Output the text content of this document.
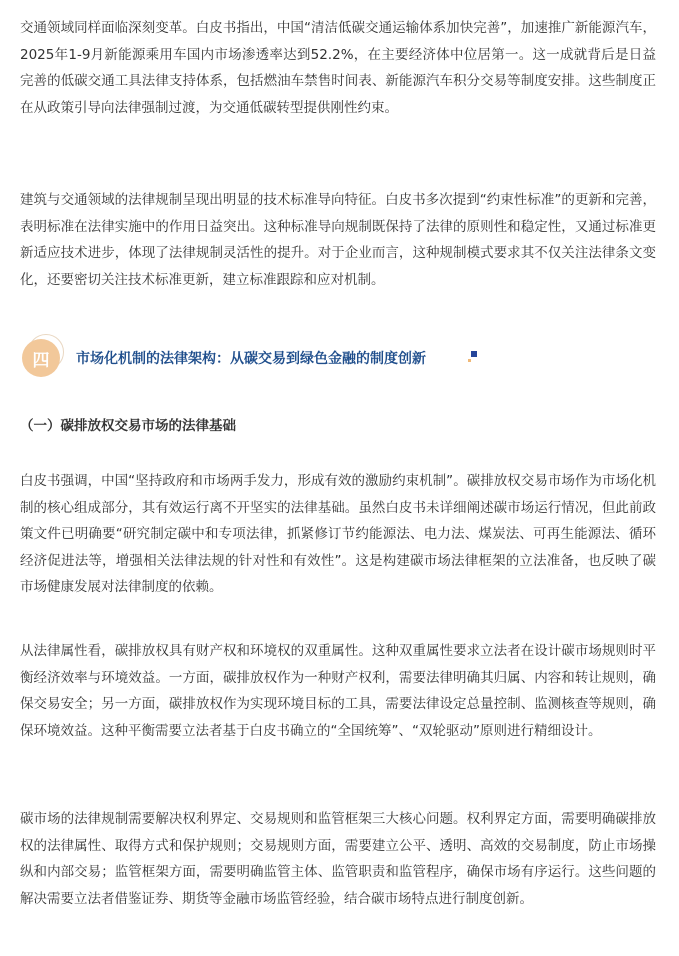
交通领域同样面临深刻变革。白皮书指出，中国“清洁低碳交通运输体系加快完善”，加速推广新能源汽车，2025年1-9月新能源乘用车国内市场渗透率达到52.2%，在主要经济体中位居第一。这一成就背后是日益完善的低碳交通工具法律支持体系，包括燃油车禁售时间表、新能源汽车积分交易等制度安排。这些制度正在从政策引导向法律强制过渡，为交通低碳转型提供刚性约束。

建筑与交通领域的法律规制呈现出明显的技术标准导向特征。白皮书多次提到“约束性标准”的更新和完善，表明标准在法律实施中的作用日益突出。这种标准导向规制既保持了法律的原则性和稳定性，又通过标准更新适应技术进步，体现了法律规制灵活性的提升。对于企业而言，这种规制模式要求其不仅关注法律条文变化，还要密切关注技术标准更新，建立标准跟踪和应对机制。

四	市场化机制的法律架构：从碳交易到绿色金融的制度创新

（一）碳排放权交易市场的法律基础

白皮书强调，中国“坚持政府和市场两手发力，形成有效的激励约束机制”。碳排放权交易市场作为市场化机制的核心组成部分，其有效运行离不开坚实的法律基础。虽然白皮书未详细阐述碳市场运行情况，但此前政策文件已明确要“研究制定碳中和专项法律，抓紧修订节约能源法、电力法、煤炭法、可再生能源法、循环经济促进法等，增强相关法律法规的针对性和有效性”。这是构建碳市场法律框架的立法准备，也反映了碳市场健康发展对法律制度的依赖。

从法律属性看，碳排放权具有财产权和环境权的双重属性。这种双重属性要求立法者在设计碳市场规则时平衡经济效率与环境效益。一方面，碳排放权作为一种财产权利，需要法律明确其归属、内容和转让规则，确保交易安全；另一方面，碳排放权作为实现环境目标的工具，需要法律设定总量控制、监测核查等规则，确保环境效益。这种平衡需要立法者基于白皮书确立的“全国统筹”、“双轮驱动”原则进行精细设计。

碳市场的法律规制需要解决权利界定、交易规则和监管框架三大核心问题。权利界定方面，需要明确碳排放权的法律属性、取得方式和保护规则；交易规则方面，需要建立公平、透明、高效的交易制度，防止市场操纵和内部交易；监管框架方面，需要明确监管主体、监管职责和监管程序，确保市场有序运行。这些问题的解决需要立法者借鉴证券、期货等金融市场监管经验，结合碳市场特点进行制度创新。
